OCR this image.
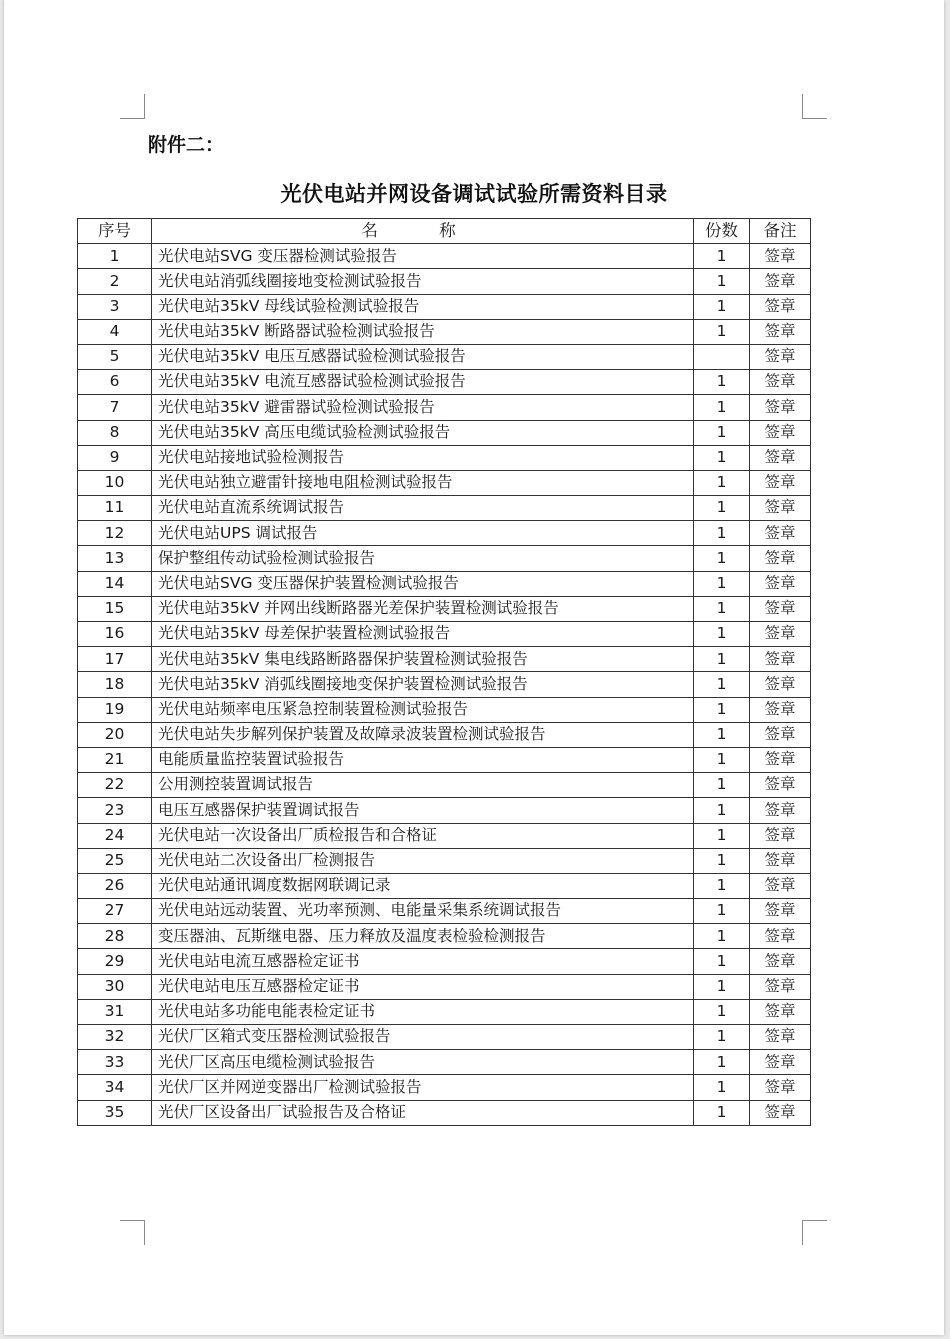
附件二：
光伏电站并网设备调试试验所需资料目录
序号	名 称	份数	备注
1	光伏电站SVG 变压器检测试验报告	1	签章
2	光伏电站消弧线圈接地变检测试验报告	1	签章
3	光伏电站35kV 母线试验检测试验报告	1	签章
4	光伏电站35kV 断路器试验检测试验报告	1	签章
5	光伏电站35kV 电压互感器试验检测试验报告		签章
6	光伏电站35kV 电流互感器试验检测试验报告	1	签章
7	光伏电站35kV 避雷器试验检测试验报告	1	签章
8	光伏电站35kV 高压电缆试验检测试验报告	1	签章
9	光伏电站接地试验检测报告	1	签章
10	光伏电站独立避雷针接地电阻检测试验报告	1	签章
11	光伏电站直流系统调试报告	1	签章
12	光伏电站UPS 调试报告	1	签章
13	保护整组传动试验检测试验报告	1	签章
14	光伏电站SVG 变压器保护装置检测试验报告	1	签章
15	光伏电站35kV 并网出线断路器光差保护装置检测试验报告	1	签章
16	光伏电站35kV 母差保护装置检测试验报告	1	签章
17	光伏电站35kV 集电线路断路器保护装置检测试验报告	1	签章
18	光伏电站35kV 消弧线圈接地变保护装置检测试验报告	1	签章
19	光伏电站频率电压紧急控制装置检测试验报告	1	签章
20	光伏电站失步解列保护装置及故障录波装置检测试验报告	1	签章
21	电能质量监控装置试验报告	1	签章
22	公用测控装置调试报告	1	签章
23	电压互感器保护装置调试报告	1	签章
24	光伏电站一次设备出厂质检报告和合格证	1	签章
25	光伏电站二次设备出厂检测报告	1	签章
26	光伏电站通讯调度数据网联调记录	1	签章
27	光伏电站远动装置、光功率预测、电能量采集系统调试报告	1	签章
28	变压器油、瓦斯继电器、压力释放及温度表检验检测报告	1	签章
29	光伏电站电流互感器检定证书	1	签章
30	光伏电站电压互感器检定证书	1	签章
31	光伏电站多功能电能表检定证书	1	签章
32	光伏厂区箱式变压器检测试验报告	1	签章
33	光伏厂区高压电缆检测试验报告	1	签章
34	光伏厂区并网逆变器出厂检测试验报告	1	签章
35	光伏厂区设备出厂试验报告及合格证	1	签章
